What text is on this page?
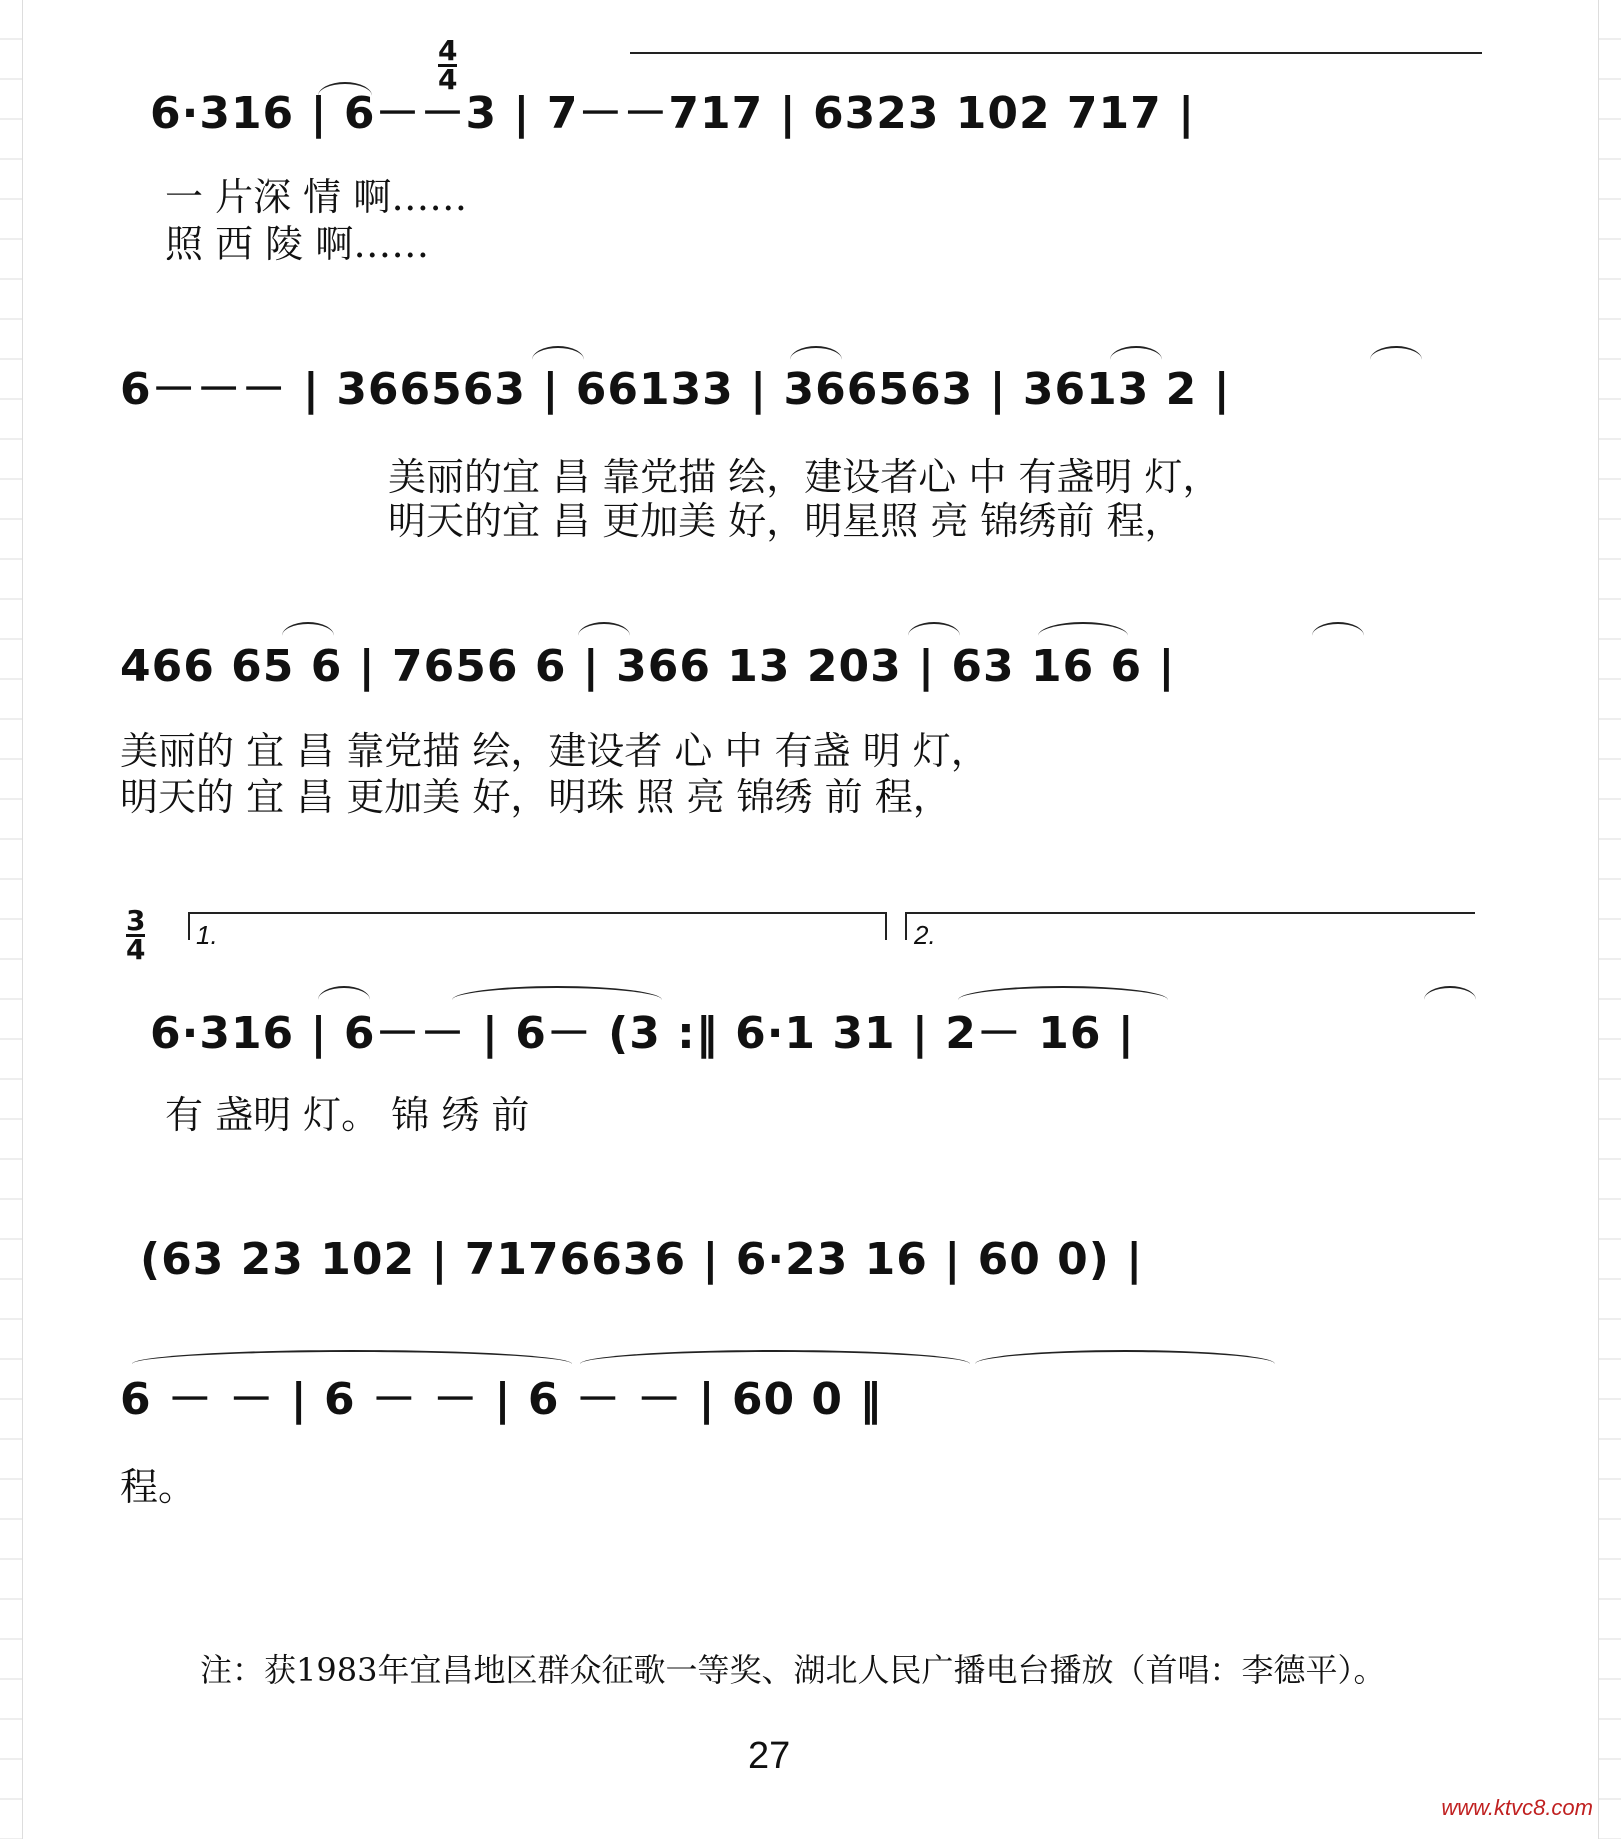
4
4
6·316 | 6－－3 | 7－－717 | 6323 102 717 |
一 片深 情 啊……
照 西 陵 啊……
6－－－ | 366563 | 66133 | 366563 | 3613 2 |
美丽的宜 昌 靠党描 绘，建设者心 中 有盏明 灯，
明天的宜 昌 更加美 好，明星照 亮 锦绣前 程，
466 65 6 | 7656 6 | 366 13 203 | 63 16 6 |
美丽的 宜 昌 靠党描 绘，建设者 心 中 有盏 明 灯，
明天的 宜 昌 更加美 好，明珠 照 亮 锦绣 前 程，
3
4 1.	2.
6·316 | 6－－ | 6－ (3 :‖ 6·1 31 | 2－ 16 |
有 盏明 灯。 锦 绣 前
(63 23 102 | 7176636 | 6·23 16 | 60 0) |
6 － － | 6 － － | 6 － － | 60 0 ‖
程。
注：获1983年宜昌地区群众征歌一等奖、湖北人民广播电台播放（首唱：李德平）。
27
www.ktvc8.com
